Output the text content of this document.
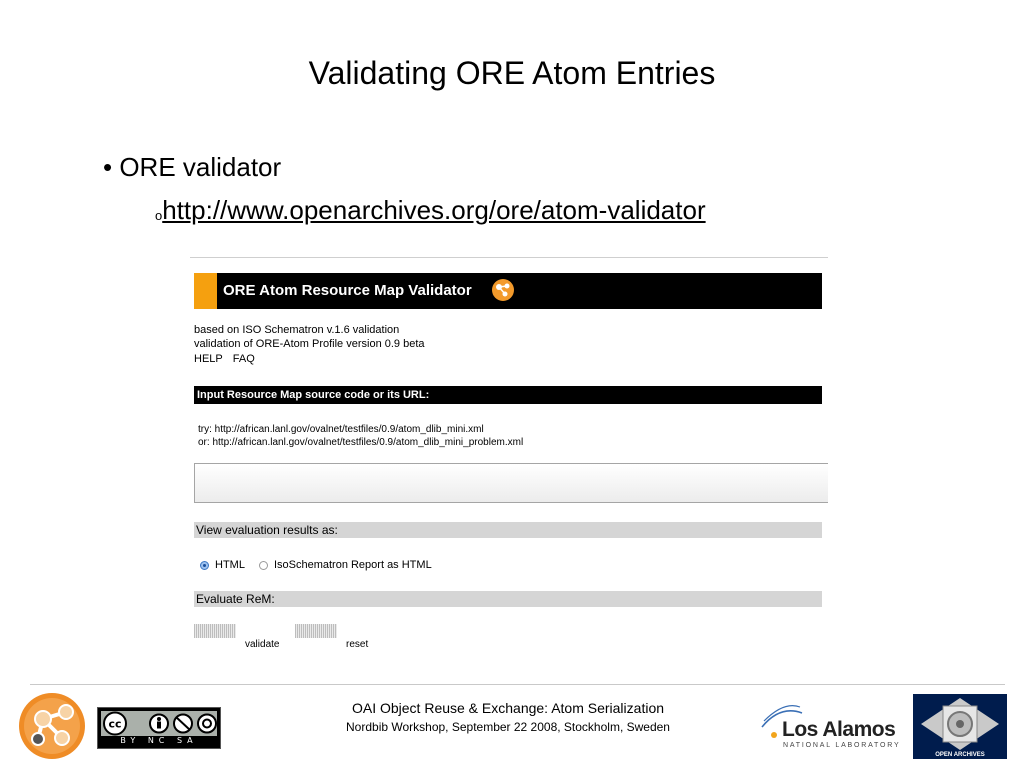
Validating ORE Atom Entries
• ORE validator
ohttp://www.openarchives.org/ore/atom-validator
ORE Atom Resource Map Validator
based on ISO Schematron v.1.6 validation
validation of ORE-Atom Profile version 0.9 beta
HELP FAQ
Input Resource Map source code or its URL:
try: http://african.lanl.gov/ovalnet/testfiles/0.9/atom_dlib_mini.xml
or: http://african.lanl.gov/ovalnet/testfiles/0.9/atom_dlib_mini_problem.xml
View evaluation results as:
HTML	IsoSchematron Report as HTML
Evaluate ReM:
validate	reset
cc
BY NC SA
OAI Object Reuse & Exchange: Atom Serialization
Nordbib Workshop, September 22 2008, Stockholm, Sweden	Los Alamos
NATIONAL LABORATORY
OPEN ARCHIVES
